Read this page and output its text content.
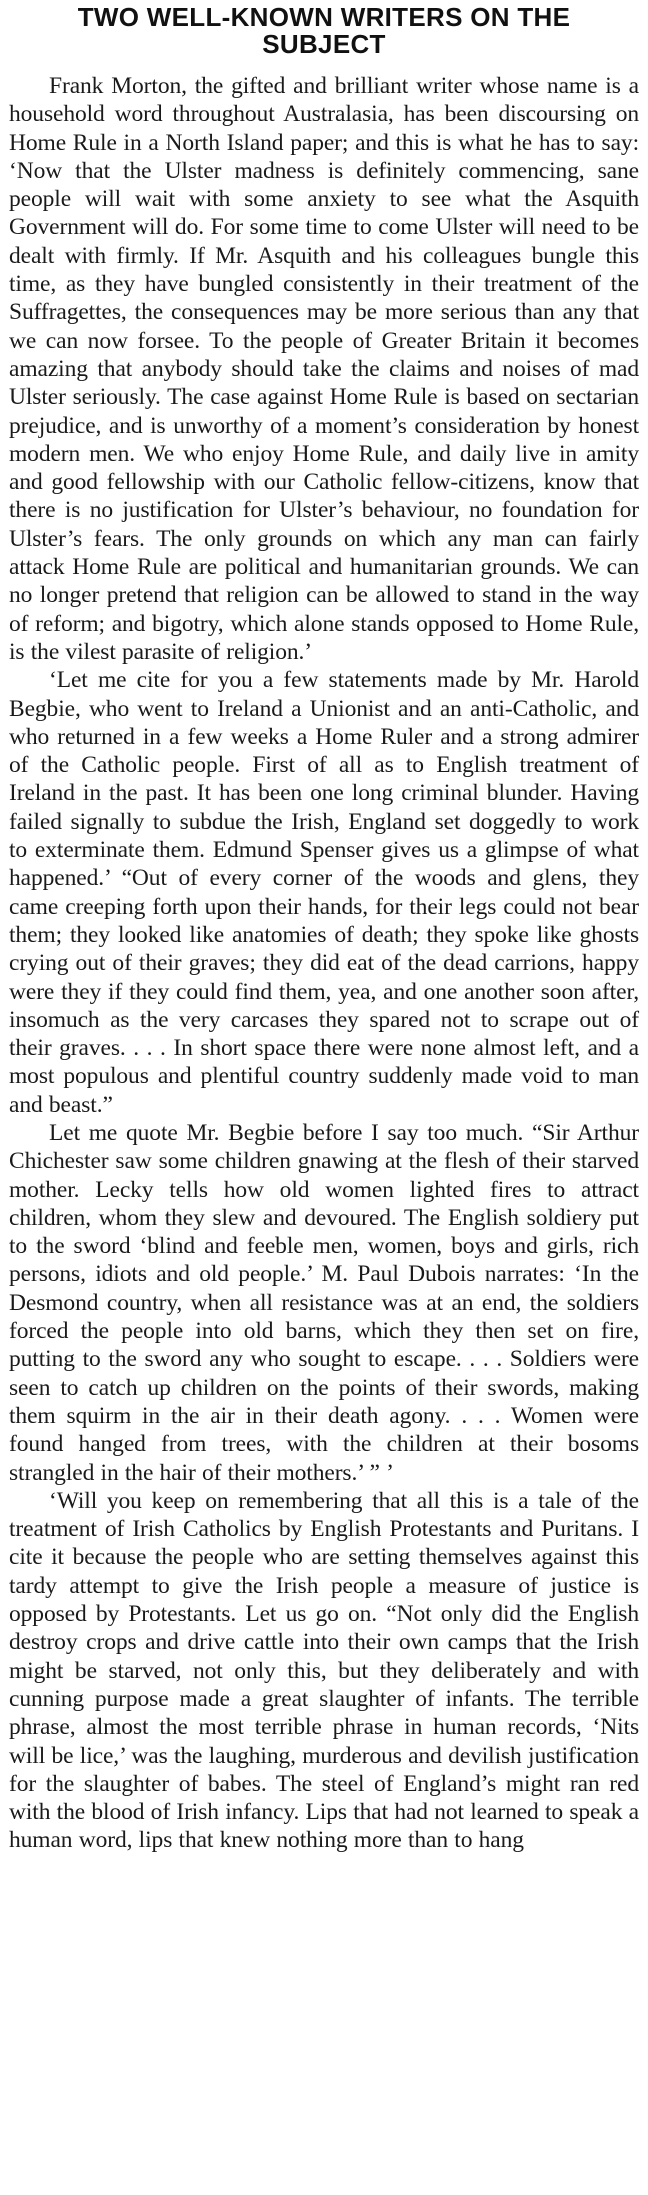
TWO WELL-KNOWN WRITERS ON THE
SUBJECT

Frank Morton, the gifted and brilliant writer whose name is a household word throughout Australasia, has been discoursing on Home Rule in a North Island paper; and this is what he has to say: ‘Now that the Ulster madness is definitely commencing, sane people will wait with some anxiety to see what the Asquith Government will do. For some time to come Ulster will need to be dealt with firmly. If Mr. Asquith and his colleagues bungle this time, as they have bungled consistently in their treatment of the Suffragettes, the consequences may be more serious than any that we can now forsee. To the people of Greater Britain it becomes amazing that anybody should take the claims and noises of mad Ulster seriously. The case against Home Rule is based on sectarian prejudice, and is unworthy of a moment’s consideration by honest modern men. We who enjoy Home Rule, and daily live in amity and good fellowship with our Catholic fellow-citizens, know that there is no justification for Ulster’s behaviour, no foundation for Ulster’s fears. The only grounds on which any man can fairly attack Home Rule are political and humanitarian grounds. We can no longer pretend that religion can be allowed to stand in the way of reform; and bigotry, which alone stands opposed to Home Rule, is the vilest parasite of religion.’

‘Let me cite for you a few statements made by Mr. Harold Begbie, who went to Ireland a Unionist and an anti-Catholic, and who returned in a few weeks a Home Ruler and a strong admirer of the Catholic people. First of all as to English treatment of Ireland in the past. It has been one long criminal blunder. Having failed signally to subdue the Irish, England set doggedly to work to exterminate them. Edmund Spenser gives us a glimpse of what happened.’ “Out of every corner of the woods and glens, they came creeping forth upon their hands, for their legs could not bear them; they looked like anatomies of death; they spoke like ghosts crying out of their graves; they did eat of the dead carrions, happy were they if they could find them, yea, and one another soon after, insomuch as the very carcases they spared not to scrape out of their graves. . . . In short space there were none almost left, and a most populous and plentiful country suddenly made void to man and beast.”

Let me quote Mr. Begbie before I say too much. “Sir Arthur Chichester saw some children gnawing at the flesh of their starved mother. Lecky tells how old women lighted fires to attract children, whom they slew and devoured. The English soldiery put to the sword ‘blind and feeble men, women, boys and girls, rich persons, idiots and old people.’ M. Paul Dubois narrates: ‘In the Desmond country, when all resistance was at an end, the soldiers forced the people into old barns, which they then set on fire, putting to the sword any who sought to escape. . . . Soldiers were seen to catch up children on the points of their swords, making them squirm in the air in their death agony. . . . Women were found hanged from trees, with the children at their bosoms strangled in the hair of their mothers.’ ” ’

‘Will you keep on remembering that all this is a tale of the treatment of Irish Catholics by English Protestants and Puritans. I cite it because the people who are setting themselves against this tardy attempt to give the Irish people a measure of justice is opposed by Protestants. Let us go on. “Not only did the English destroy crops and drive cattle into their own camps that the Irish might be starved, not only this, but they deliberately and with cunning purpose made a great slaughter of infants. The terrible phrase, almost the most terrible phrase in human records, ‘Nits will be lice,’ was the laughing, murderous and devilish justification for the slaughter of babes. The steel of England’s might ran red with the blood of Irish infancy. Lips that had not learned to speak a human word, lips that knew nothing more than to hang
